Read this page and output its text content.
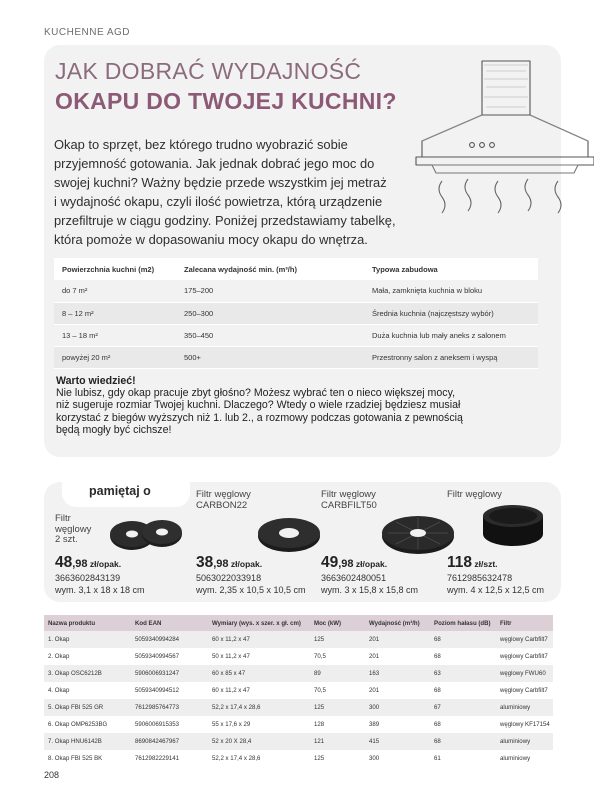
KUCHENNE AGD
JAK DOBRAĆ WYDAJNOŚĆ
OKAPU DO TWOJEJ KUCHNI?
Okap to sprzęt, bez którego trudno wyobrazić sobie
przyjemność gotowania. Jak jednak dobrać jego moc do
swojej kuchni? Ważny będzie przede wszystkim jej metraż
i wydajność okapu, czyli ilość powietrza, którą urządzenie
przefiltruje w ciągu godziny. Poniżej przedstawiamy tabelkę,
która pomoże w dopasowaniu mocy okapu do wnętrza.
Powierzchnia kuchni (m2)	Zalecana wydajność min. (m³/h)	Typowa zabudowa
do 7 m²	175–200	Mała, zamknięta kuchnia w bloku
8 – 12 m²	250–300	Średnia kuchnia (najczęstszy wybór)
13 – 18 m²	350–450	Duża kuchnia lub mały aneks z salonem
powyżej 20 m²	500+	Przestronny salon z aneksem i wyspą
Warto wiedzieć!
Nie lubisz, gdy okap pracuje zbyt głośno? Możesz wybrać ten o nieco większej mocy,
niż sugeruje rozmiar Twojej kuchni. Dlaczego? Wtedy o wiele rzadziej będziesz musiał
korzystać z biegów wyższych niż 1. lub 2., a rozmowy podczas gotowania z pewnością
będą mogły być cichsze!
pamiętaj o
Filtr
węglowy
2 szt.
48,98 zł/opak.
3663602843139
wym. 3,1 x 18 x 18 cm
Filtr węglowy
CARBON22
38,98 zł/opak.
5063022033918
wym. 2,35 x 10,5 x 10,5 cm
Filtr węglowy
CARBFILT50
49,98 zł/opak.
3663602480051
wym. 3 x 15,8 x 15,8 cm
Filtr węglowy
118 zł/szt.
7612985632478
wym. 4 x 12,5 x 12,5 cm
Nazwa produktu	Kod EAN	Wymiary (wys. x szer. x gł. cm)	Moc (kW)	Wydajność (m³/h)	Poziom hałasu (dB)	Filtr
1. Okap	5059340994284	60 x 11,2 x 47	125	201	68	węglowy Carbfilt7
2. Okap	5059340994567	50 x 11,2 x 47	70,5	201	68	węglowy Carbfilt7
3. Okap OSC6212B	5906006931247	60 x 85 x 47	89	163	63	węglowy FWU60
4. Okap	5059340994512	60 x 11,2 x 47	70,5	201	68	węglowy Carbfilt7
5. Okap FBI 525 GR	7612985764773	52,2 x 17,4 x 28,6	125	300	67	aluminiowy
6. Okap OMP6253BG	5906006915353	55 x 17,6 x 29	128	389	68	węglowy KF17154
7. Okap HNU6142B	8690842467967	52 x 20 X 28,4	121	415	68	aluminiowy
8. Okap FBI 525 BK	7612982229141	52,2 x 17,4 x 28,6	125	300	61	aluminiowy
208
